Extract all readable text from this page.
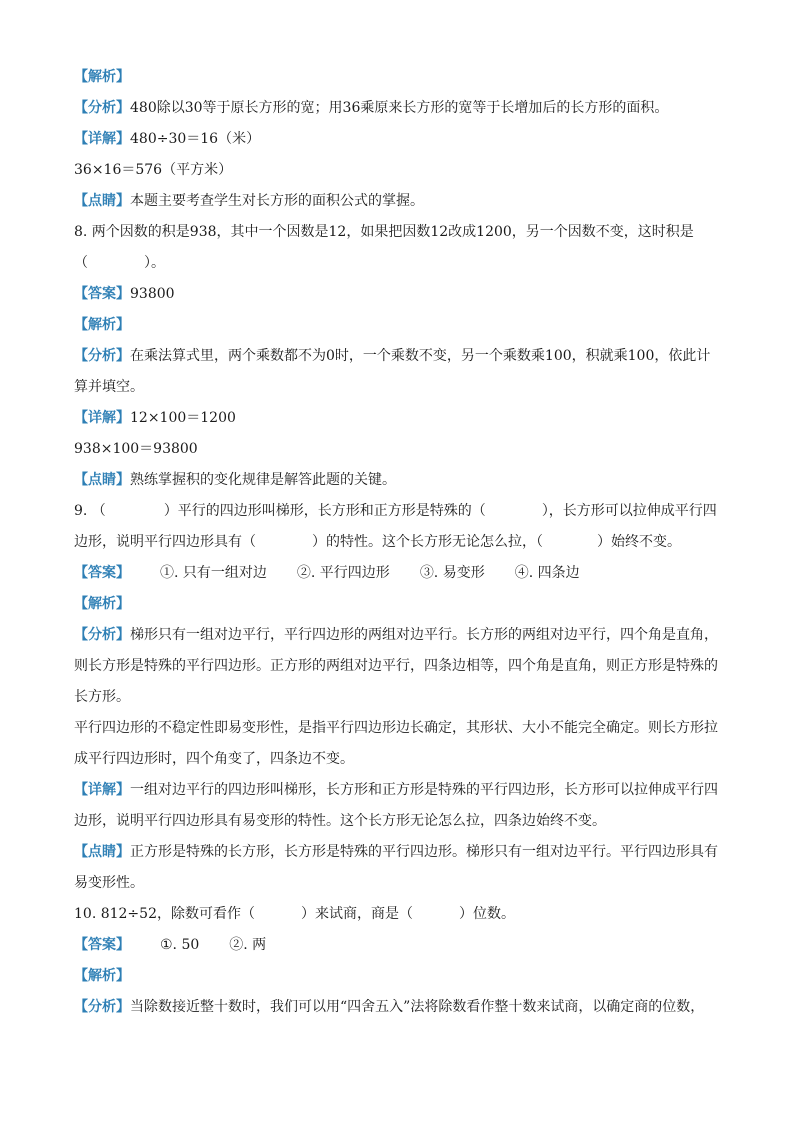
【解析】
【分析】480除以30等于原长方形的宽；用36乘原来长方形的宽等于长增加后的长方形的面积。
【详解】480÷30＝16（米）
36×16＝576（平方米）
【点睛】本题主要考查学生对长方形的面积公式的掌握。
8. 两个因数的积是938，其中一个因数是12，如果把因数12改成1200，另一个因数不变，这时积是
（	）。
【答案】93800
【解析】
【分析】在乘法算式里，两个乘数都不为0时，一个乘数不变，另一个乘数乘100，积就乘100，依此计
算并填空。
【详解】12×100＝1200
938×100＝93800
【点睛】熟练掌握积的变化规律是解答此题的关键。
9. （	）平行的四边形叫梯形，长方形和正方形是特殊的（	），长方形可以拉伸成平行四
边形，说明平行四边形具有（	）的特性。这个长方形无论怎么拉，（	）始终不变。
【答案】 ①. 只有一组对边 ②. 平行四边形 ③. 易变形 ④. 四条边
【解析】
【分析】梯形只有一组对边平行，平行四边形的两组对边平行。长方形的两组对边平行，四个角是直角，
则长方形是特殊的平行四边形。正方形的两组对边平行，四条边相等，四个角是直角，则正方形是特殊的
长方形。
平行四边形的不稳定性即易变形性，是指平行四边形边长确定，其形状、大小不能完全确定。则长方形拉
成平行四边形时，四个角变了，四条边不变。
【详解】一组对边平行的四边形叫梯形，长方形和正方形是特殊的平行四边形，长方形可以拉伸成平行四
边形，说明平行四边形具有易变形的特性。这个长方形无论怎么拉，四条边始终不变。
【点睛】正方形是特殊的长方形，长方形是特殊的平行四边形。梯形只有一组对边平行。平行四边形具有
易变形性。
10. 812÷52，除数可看作（	）来试商，商是（	）位数。
【答案】 ①. 50 ②. 两
【解析】
【分析】当除数接近整十数时，我们可以用“四舍五入”法将除数看作整十数来试商，以确定商的位数，
